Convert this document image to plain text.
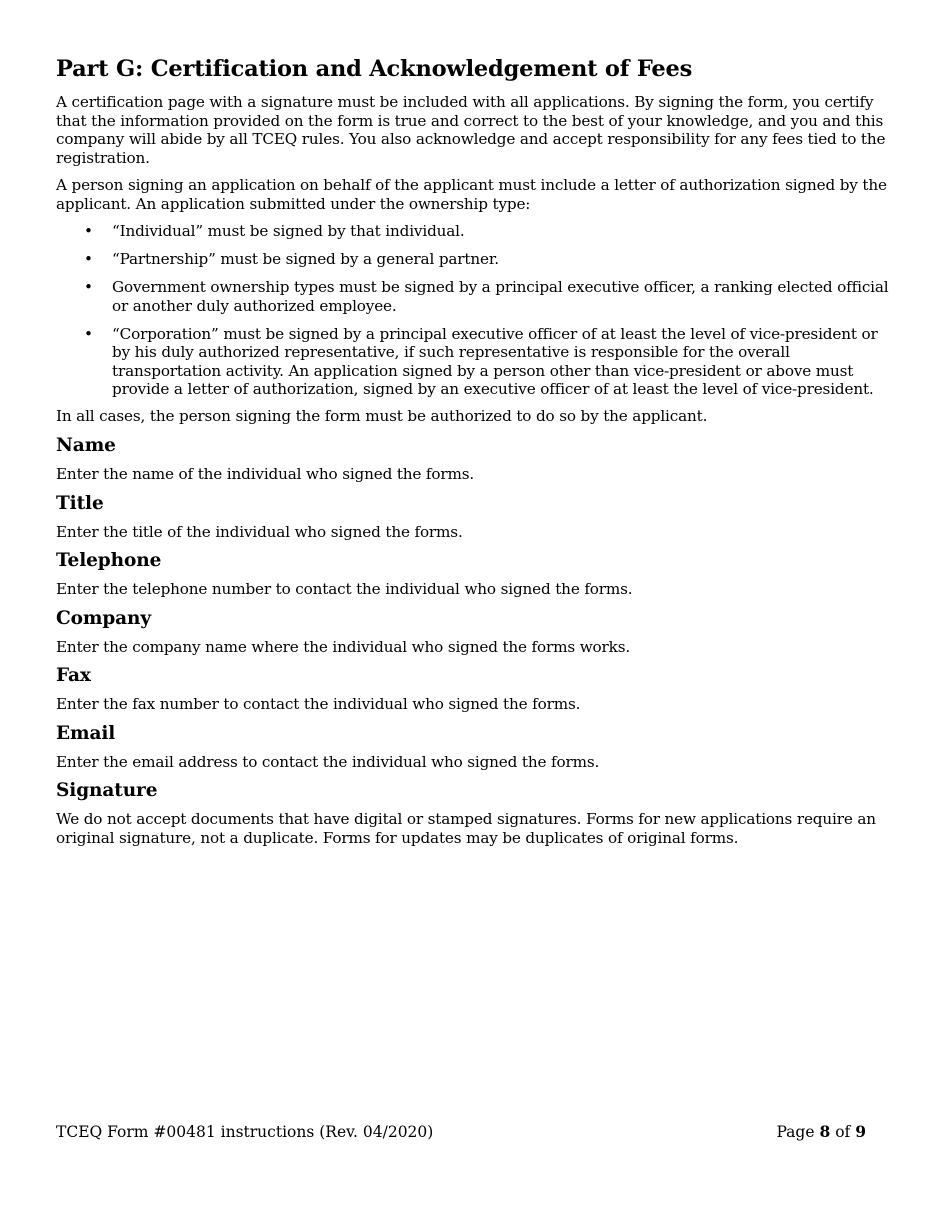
Part G: Certification and Acknowledgement of Fees

A certification page with a signature must be included with all applications. By signing the form, you certify that the information provided on the form is true and correct to the best of your knowledge, and you and this company will abide by all TCEQ rules. You also acknowledge and accept responsibility for any fees tied to the registration.

A person signing an application on behalf of the applicant must include a letter of authorization signed by the applicant. An application submitted under the ownership type:

• “Individual” must be signed by that individual.
• “Partnership” must be signed by a general partner.
• Government ownership types must be signed by a principal executive officer, a ranking elected official or another duly authorized employee.
• “Corporation” must be signed by a principal executive officer of at least the level of vice-president or by his duly authorized representative, if such representative is responsible for the overall transportation activity. An application signed by a person other than vice-president or above must provide a letter of authorization, signed by an executive officer of at least the level of vice-president.

In all cases, the person signing the form must be authorized to do so by the applicant.

Name

Enter the name of the individual who signed the forms.

Title

Enter the title of the individual who signed the forms.

Telephone

Enter the telephone number to contact the individual who signed the forms.

Company

Enter the company name where the individual who signed the forms works.

Fax

Enter the fax number to contact the individual who signed the forms.

Email

Enter the email address to contact the individual who signed the forms.

Signature

We do not accept documents that have digital or stamped signatures. Forms for new applications require an original signature, not a duplicate. Forms for updates may be duplicates of original forms.

TCEQ Form #00481 instructions (Rev. 04/2020)	Page 8 of 9
